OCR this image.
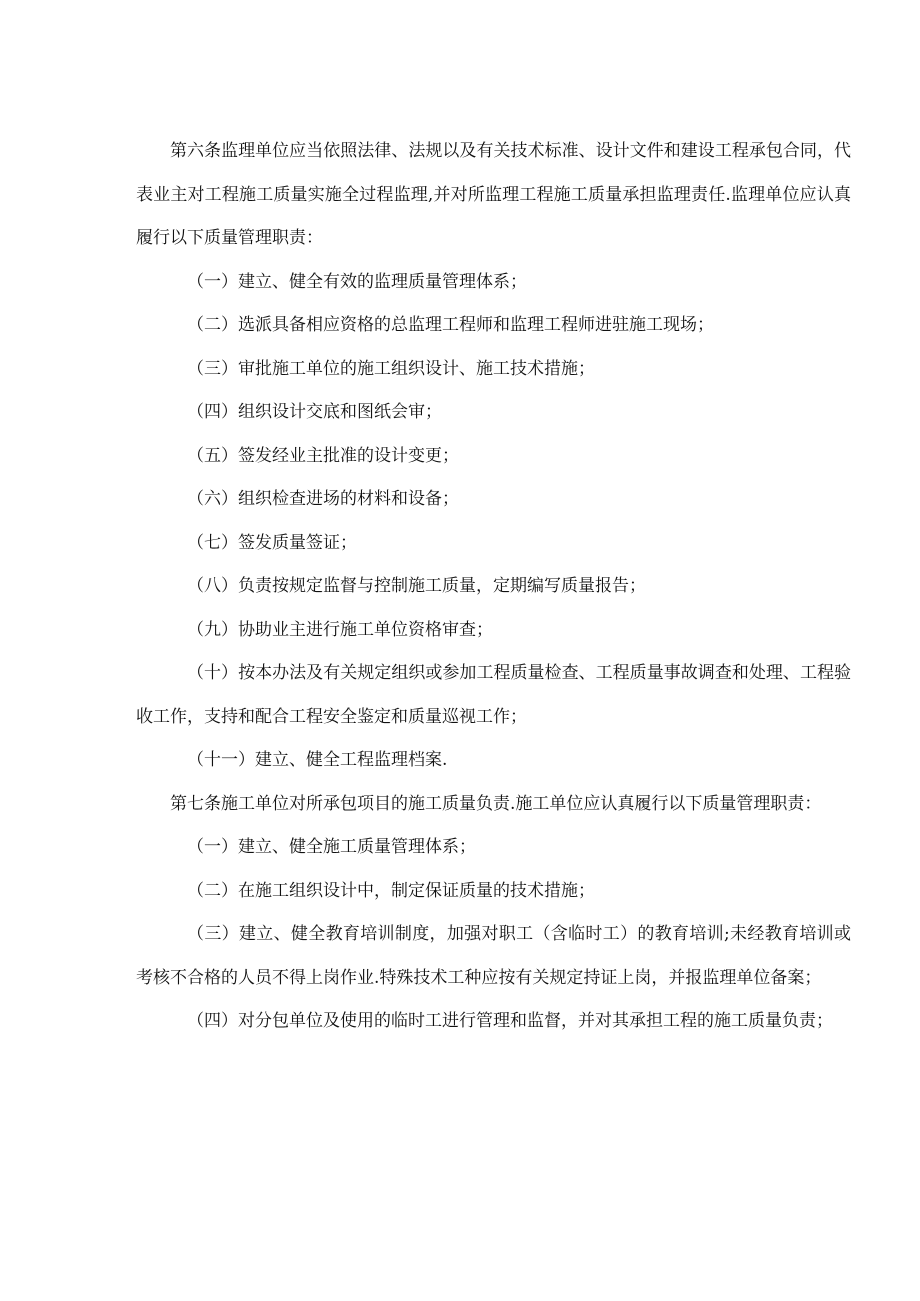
第六条监理单位应当依照法律、法规以及有关技术标准、设计文件和建设工程承包合同，代表业主对工程施工质量实施全过程监理,并对所监理工程施工质量承担监理责任.监理单位应认真履行以下质量管理职责：

（一）建立、健全有效的监理质量管理体系；

（二）选派具备相应资格的总监理工程师和监理工程师进驻施工现场；

（三）审批施工单位的施工组织设计、施工技术措施；

（四）组织设计交底和图纸会审；

（五）签发经业主批准的设计变更；

（六）组织检查进场的材料和设备；

（七）签发质量签证；

（八）负责按规定监督与控制施工质量，定期编写质量报告；

（九）协助业主进行施工单位资格审查；

（十）按本办法及有关规定组织或参加工程质量检查、工程质量事故调查和处理、工程验收工作，支持和配合工程安全鉴定和质量巡视工作；

（十一）建立、健全工程监理档案.

第七条施工单位对所承包项目的施工质量负责.施工单位应认真履行以下质量管理职责：

（一）建立、健全施工质量管理体系；

（二）在施工组织设计中，制定保证质量的技术措施；

（三）建立、健全教育培训制度，加强对职工（含临时工）的教育培训;未经教育培训或考核不合格的人员不得上岗作业.特殊技术工种应按有关规定持证上岗，并报监理单位备案；

（四）对分包单位及使用的临时工进行管理和监督，并对其承担工程的施工质量负责；
